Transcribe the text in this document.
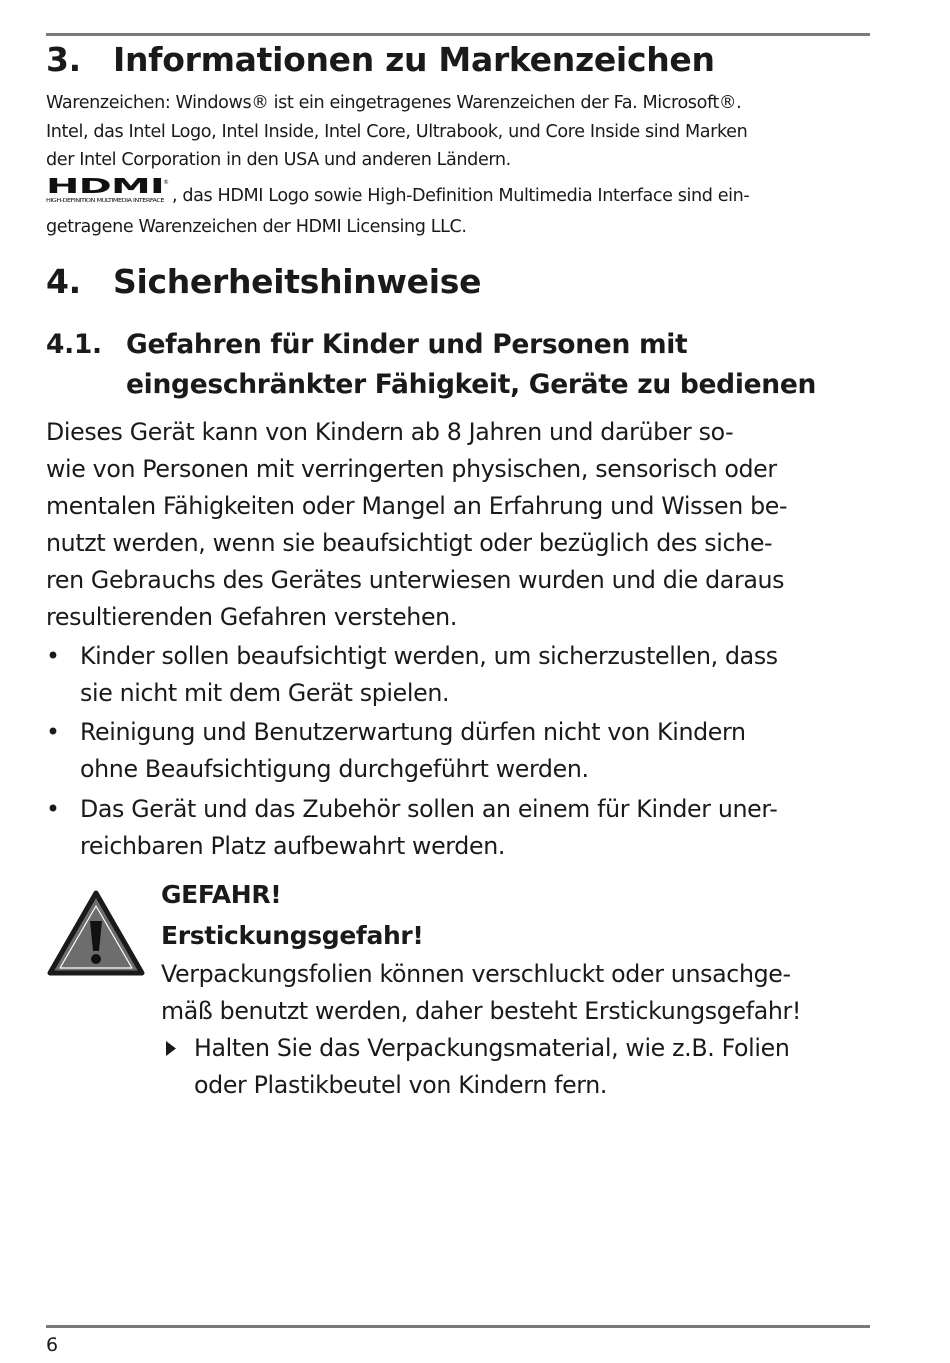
3. Informationen zu Markenzeichen

Warenzeichen: Windows® ist ein eingetragenes Warenzeichen der Fa. Microsoft®.
Intel, das Intel Logo, Intel Inside, Intel Core, Ultrabook, und Core Inside sind Marken
der Intel Corporation in den USA und anderen Ländern.

HDMI
HIGH-DEFINITION MULTIMEDIA INTERFACE
®
, das HDMI Logo sowie High-Definition Multimedia Interface sind ein-
getragene Warenzeichen der HDMI Licensing LLC.

4. Sicherheitshinweise
4.1. Gefahren für Kinder und Personen mit
eingeschränkter Fähigkeit, Geräte zu bedienen

Dieses Gerät kann von Kindern ab 8 Jahren und darüber so-
wie von Personen mit verringerten physischen, sensorisch oder
mentalen Fähigkeiten oder Mangel an Erfahrung und Wissen be-
nutzt werden, wenn sie beaufsichtigt oder bezüglich des siche-
ren Gebrauchs des Gerätes unterwiesen wurden und die daraus
resultierenden Gefahren verstehen.

• Kinder sollen beaufsichtigt werden, um sicherzustellen, dass
sie nicht mit dem Gerät spielen.
• Reinigung und Benutzerwartung dürfen nicht von Kindern
ohne Beaufsichtigung durchgeführt werden.
• Das Gerät und das Zubehör sollen an einem für Kinder uner-
reichbaren Platz aufbewahrt werden.
GEFAHR!
Erstickungsgefahr!
Verpackungsfolien können verschluckt oder unsachge-
mäß benutzt werden, daher besteht Erstickungsgefahr!
Halten Sie das Verpackungsmaterial, wie z.B. Folien
oder Plastikbeutel von Kindern fern.

6
